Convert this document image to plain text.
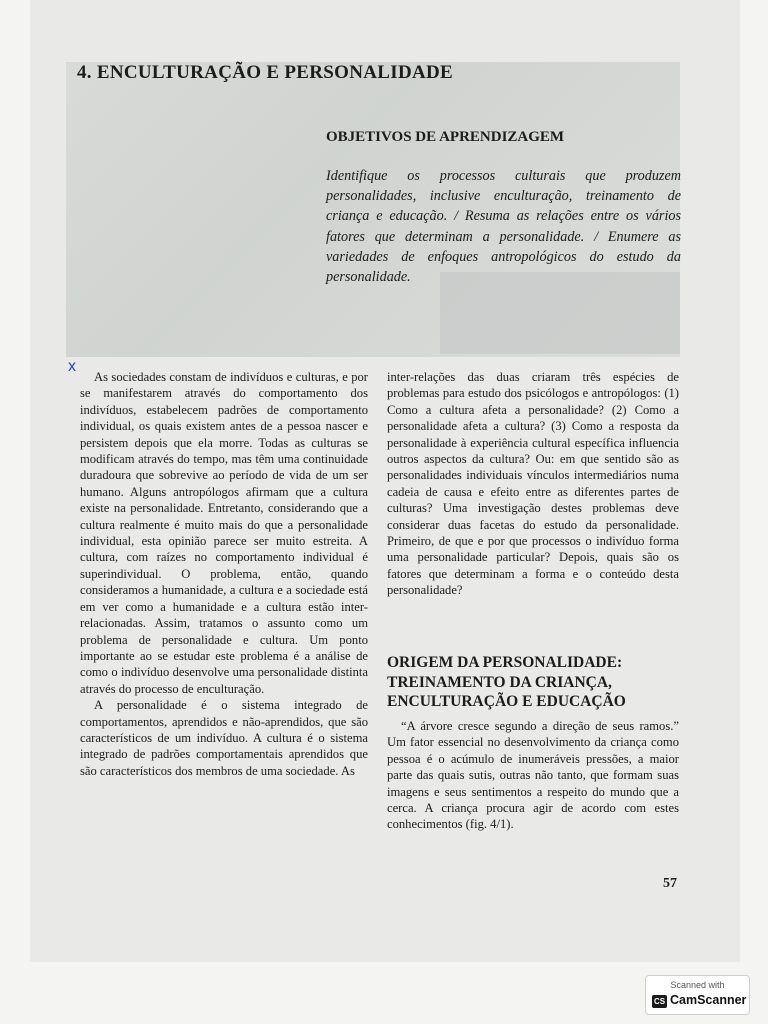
4. ENCULTURAÇÃO E PERSONALIDADE
OBJETIVOS DE APRENDIZAGEM

Identifique os processos culturais que produzem personalidades, inclusive enculturação, treinamento de criança e educação. / Resuma as relações entre os vários fatores que determinam a personalidade. / Enumere as variedades de enfoques antropológicos do estudo da personalidade.

x

As sociedades constam de indivíduos e culturas, e por se manifestarem através do comportamento dos indivíduos, estabelecem padrões de comportamento individual, os quais existem antes de a pessoa nascer e persistem depois que ela morre. Todas as culturas se modificam através do tempo, mas têm uma continuidade duradoura que sobrevive ao período de vida de um ser humano. Alguns antropólogos afirmam que a cultura existe na personalidade. Entretanto, considerando que a cultura realmente é muito mais do que a personalidade individual, esta opinião parece ser muito estreita. A cultura, com raízes no comportamento individual é superindividual. O problema, então, quando consideramos a humanidade, a cultura e a sociedade está em ver como a humanidade e a cultura estão inter-relacionadas. Assim, tratamos o assunto como um problema de personalidade e cultura. Um ponto importante ao se estudar este problema é a análise de como o indivíduo desenvolve uma personalidade distinta através do processo de enculturação.

A personalidade é o sistema integrado de comportamentos, aprendidos e não-aprendidos, que são característicos de um indivíduo. A cultura é o sistema integrado de padrões comportamentais aprendidos que são característicos dos membros de uma sociedade. As

inter-relações das duas criaram três espécies de problemas para estudo dos psicólogos e antropólogos: (1) Como a cultura afeta a personalidade? (2) Como a personalidade afeta a cultura? (3) Como a resposta da personalidade à experiência cultural específica influencia outros aspectos da cultura? Ou: em que sentido são as personalidades individuais vínculos intermediários numa cadeia de causa e efeito entre as diferentes partes de culturas? Uma investigação destes problemas deve considerar duas facetas do estudo da personalidade. Primeiro, de que e por que processos o indivíduo forma uma personalidade particular? Depois, quais são os fatores que determinam a forma e o conteúdo desta personalidade?

ORIGEM DA PERSONALIDADE: TREINAMENTO DA CRIANÇA, ENCULTURAÇÃO E EDUCAÇÃO

“A árvore cresce segundo a direção de seus ramos.” Um fator essencial no desenvolvimento da criança como pessoa é o acúmulo de inumeráveis pressões, a maior parte das quais sutis, outras não tanto, que formam suas imagens e seus sentimentos a respeito do mundo que a cerca. A criança procura agir de acordo com estes conhecimentos (fig. 4/1).

57
Scanned with
CS CamScanner
